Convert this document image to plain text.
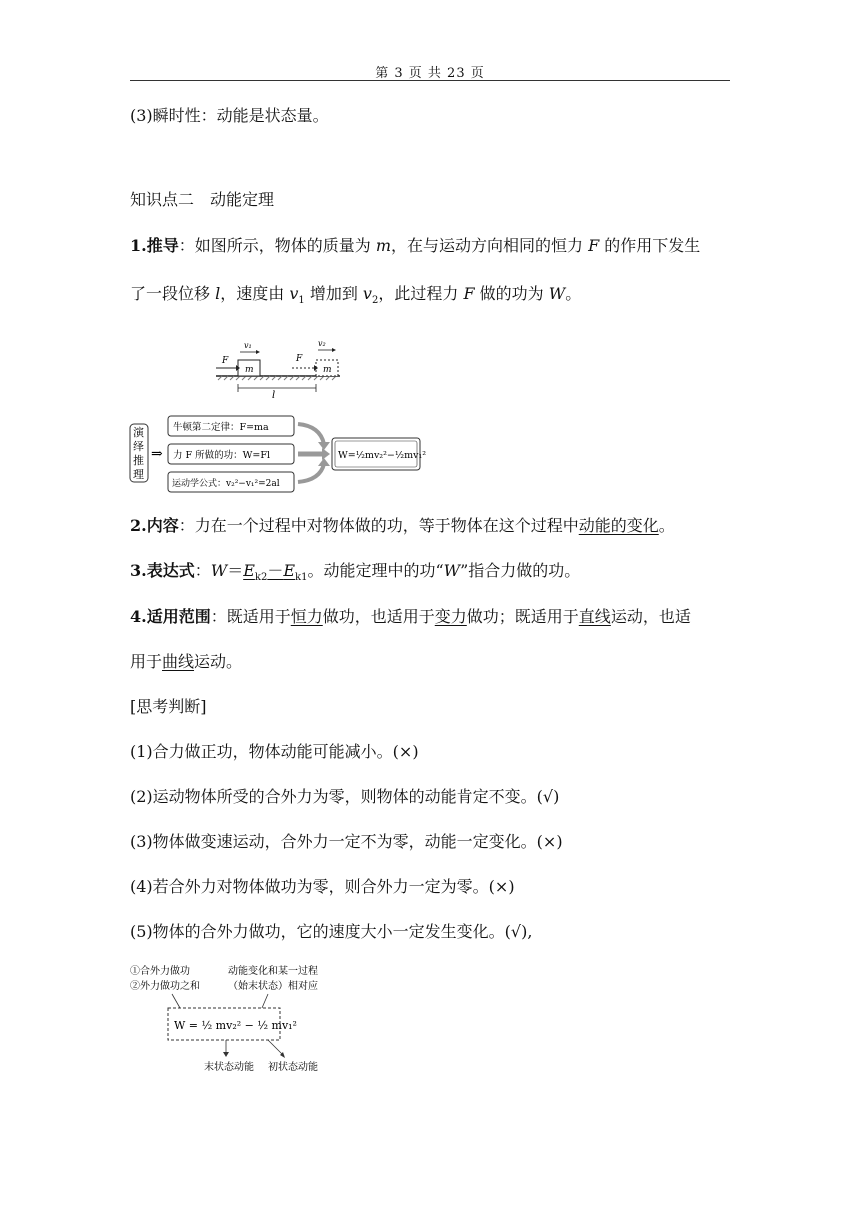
第 3 页 共 23 页
(3)瞬时性：动能是状态量。
知识点二　动能定理
1.推导：如图所示，物体的质量为 m，在与运动方向相同的恒力 F 的作用下发生
了一段位移 l，速度由 $v_1$ 增加到 $v_2$，此过程力 F 做的功为 W。
m
F
v₁
m
F
v₂
l
演
绎
推
理
⇒
牛顿第二定律：F=ma
力 F 所做的功：W=Fl
运动学公式：v₂²−v₁²=2al
W=½mv₂²−½mv₁²
2.内容：力在一个过程中对物体做的功，等于物体在这个过程中动能的变化。
3.表达式：$W=E_{k2}-E_{k1}$。动能定理中的功“W”指合力做的功。
4.适用范围：既适用于恒力做功，也适用于变力做功；既适用于直线运动，也适
用于曲线运动。
[思考判断]
(1)合力做正功，物体动能可能减小。(×)
(2)运动物体所受的合外力为零，则物体的动能肯定不变。(√)
(3)物体做变速运动，合外力一定不为零，动能一定变化。(×)
(4)若合外力对物体做功为零，则合外力一定为零。(×)
(5)物体的合外力做功，它的速度大小一定发生变化。(√),
①合外力做功
②外力做功之和
动能变化和某一过程
（始末状态）相对应
W = ½ mv₂² − ½ mv₁²
末状态动能 初状态动能
